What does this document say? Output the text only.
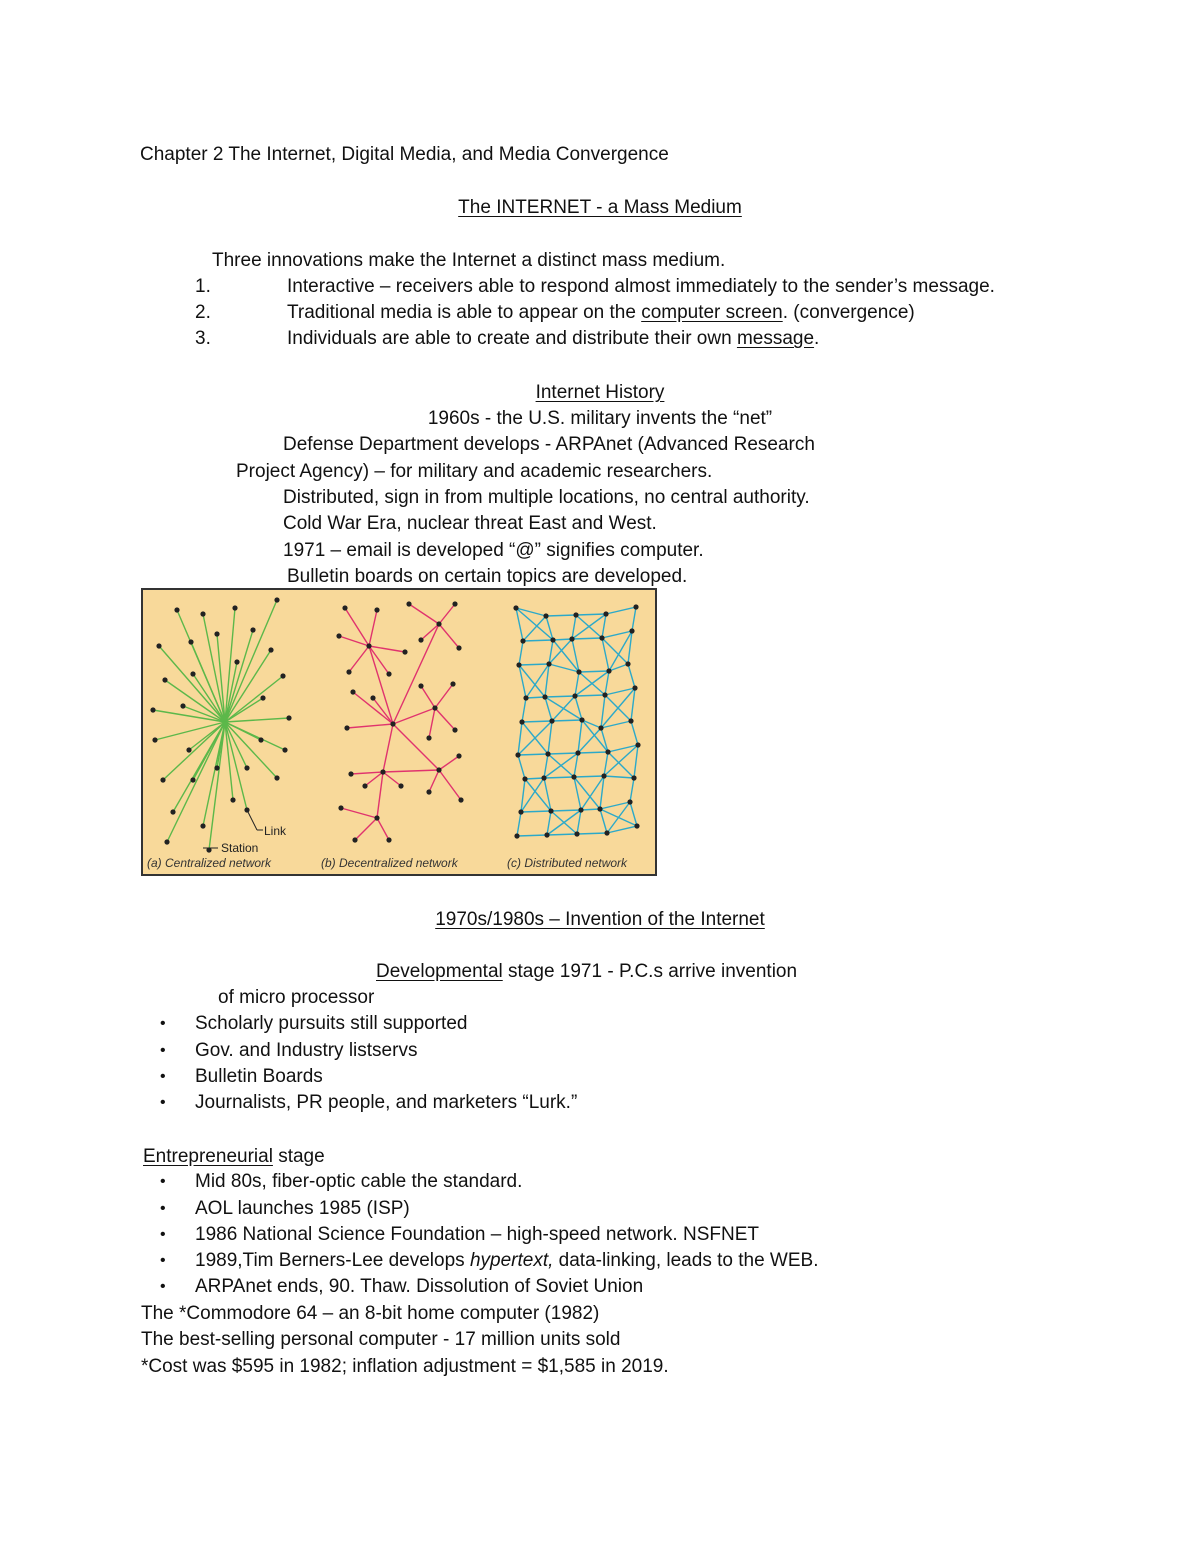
Chapter 2 The Internet, Digital Media, and Media Convergence
The INTERNET - a Mass Medium
Three innovations make the Internet a distinct mass medium.
1.	Interactive – receivers able to respond almost immediately to the sender’s message.
2.	Traditional media is able to appear on the computer screen. (convergence)
3.	Individuals are able to create and distribute their own message.
Internet History
1960s - the U.S. military invents the “net”
Defense Department develops - ARPAnet (Advanced Research
Project Agency) – for military and academic researchers.
Distributed, sign in from multiple locations, no central authority.
Cold War Era, nuclear threat East and West.
1971 – email is developed “@” signifies computer.
Bulletin boards on certain topics are developed.
Link
Station
(a) Centralized network	(b) Decentralized network	(c) Distributed network
1970s/1980s – Invention of the Internet
Developmental stage 1971 - P.C.s arrive invention
of micro processor
• Scholarly pursuits still supported
• Gov. and Industry listservs
• Bulletin Boards
• Journalists, PR people, and marketers “Lurk.”
Entrepreneurial stage
• Mid 80s, fiber-optic cable the standard.
• AOL launches 1985 (ISP)
• 1986 National Science Foundation – high-speed network. NSFNET
• 1989,Tim Berners-Lee develops hypertext, data-linking, leads to the WEB.
• ARPAnet ends, 90. Thaw. Dissolution of Soviet Union
The *Commodore 64 – an 8-bit home computer (1982)
The best-selling personal computer - 17 million units sold
*Cost was $595 in 1982; inflation adjustment = $1,585 in 2019.
